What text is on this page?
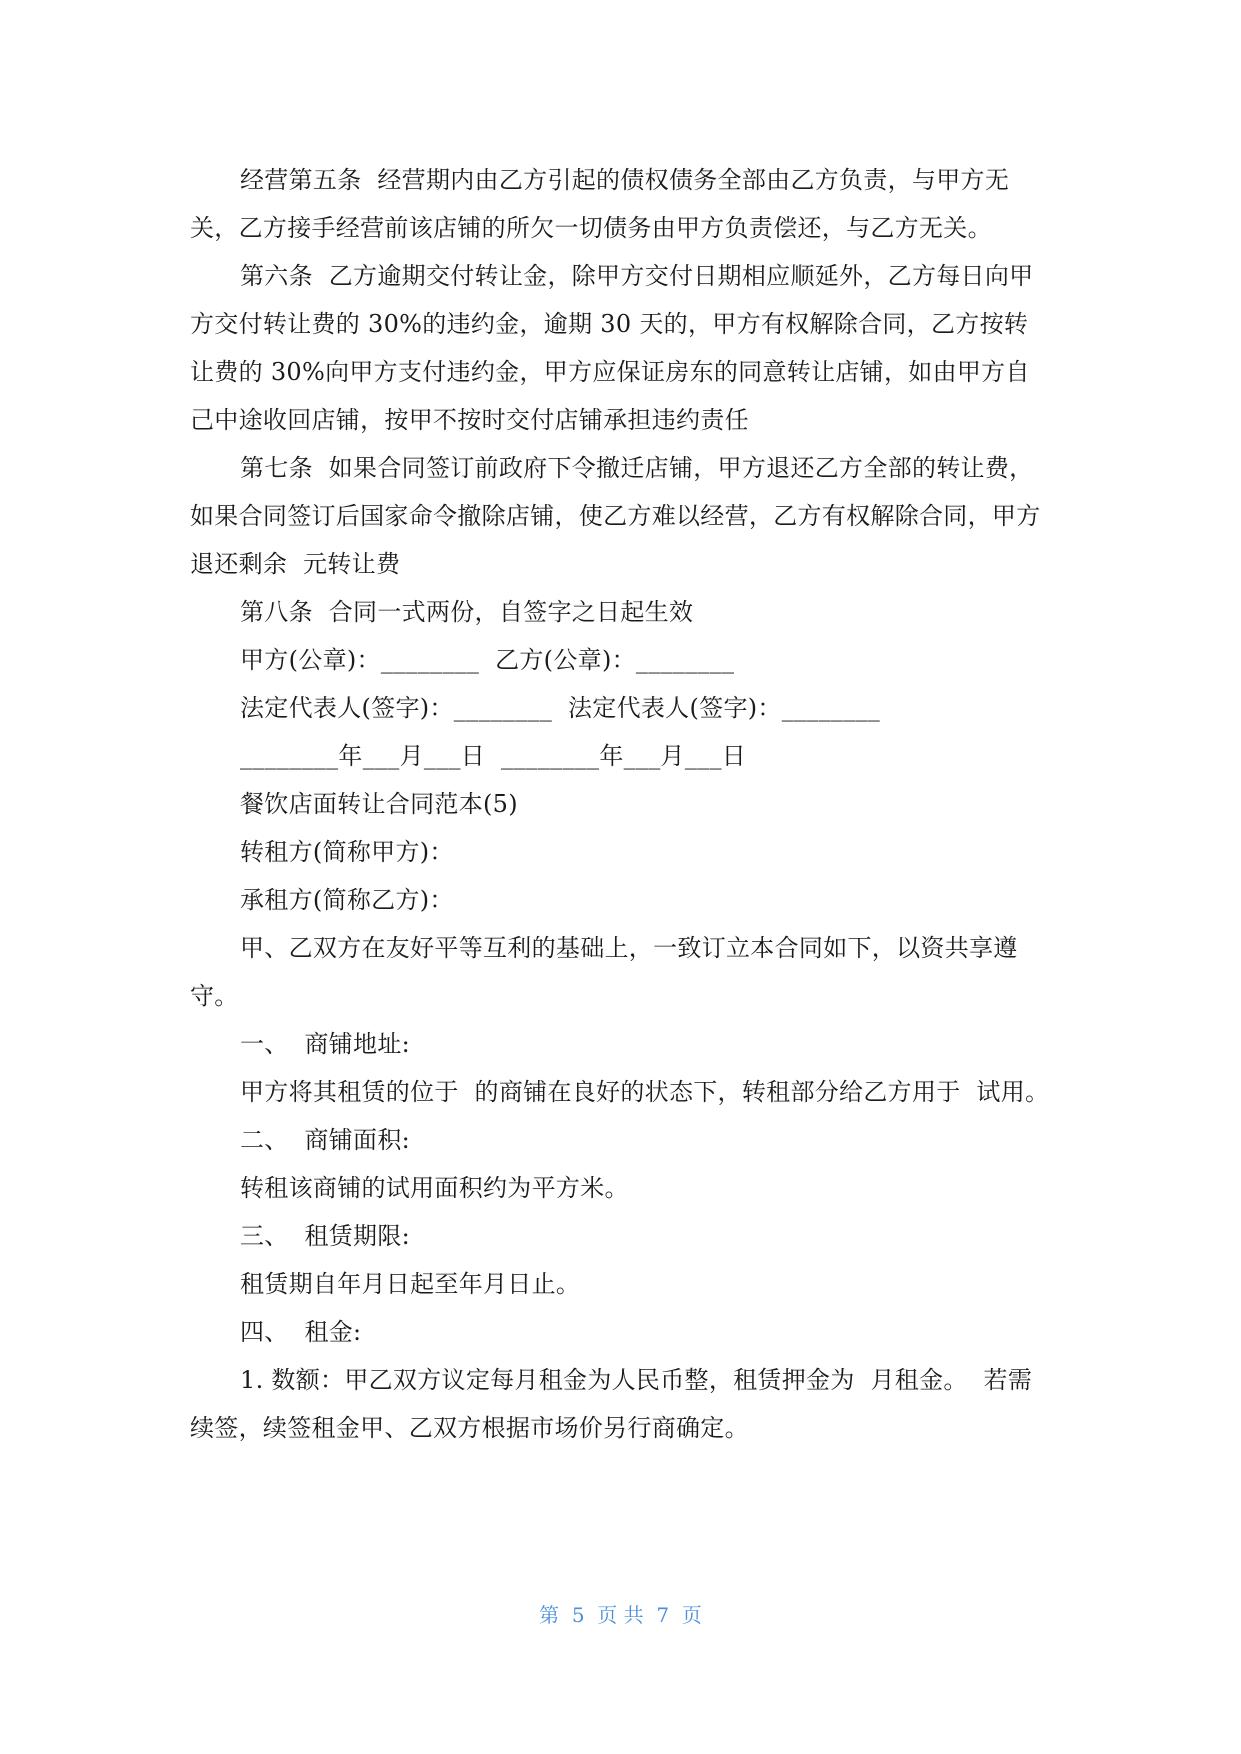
经营第五条  经营期内由乙方引起的债权债务全部由乙方负责，与甲方无关，乙方接手经营前该店铺的所欠一切债务由甲方负责偿还，与乙方无关。

第六条  乙方逾期交付转让金，除甲方交付日期相应顺延外，乙方每日向甲方交付转让费的 30%的违约金，逾期 30 天的，甲方有权解除合同，乙方按转让费的 30%向甲方支付违约金，甲方应保证房东的同意转让店铺，如由甲方自己中途收回店铺，按甲不按时交付店铺承担违约责任

第七条  如果合同签订前政府下令撤迁店铺，甲方退还乙方全部的转让费，如果合同签订后国家命令撤除店铺，使乙方难以经营，乙方有权解除合同，甲方退还剩余  元转让费

第八条  合同一式两份，自签字之日起生效

甲方(公章)：________  乙方(公章)：________

法定代表人(签字)：________  法定代表人(签字)：________

________年___月___日  ________年___月___日

餐饮店面转让合同范本(5)

转租方(简称甲方)：

承租方(简称乙方)：

甲、乙双方在友好平等互利的基础上，一致订立本合同如下，以资共享遵守。

一、  商铺地址:

甲方将其租赁的位于  的商铺在良好的状态下，转租部分给乙方用于  试用。

二、  商铺面积:

转租该商铺的试用面积约为平方米。

三、  租赁期限:

租赁期自年月日起至年月日止。

四、  租金:

1. 数额：甲乙双方议定每月租金为人民币整，租赁押金为  月租金。  若需续签，续签租金甲、乙双方根据市场价另行商确定。

第  5  页 共  7  页
